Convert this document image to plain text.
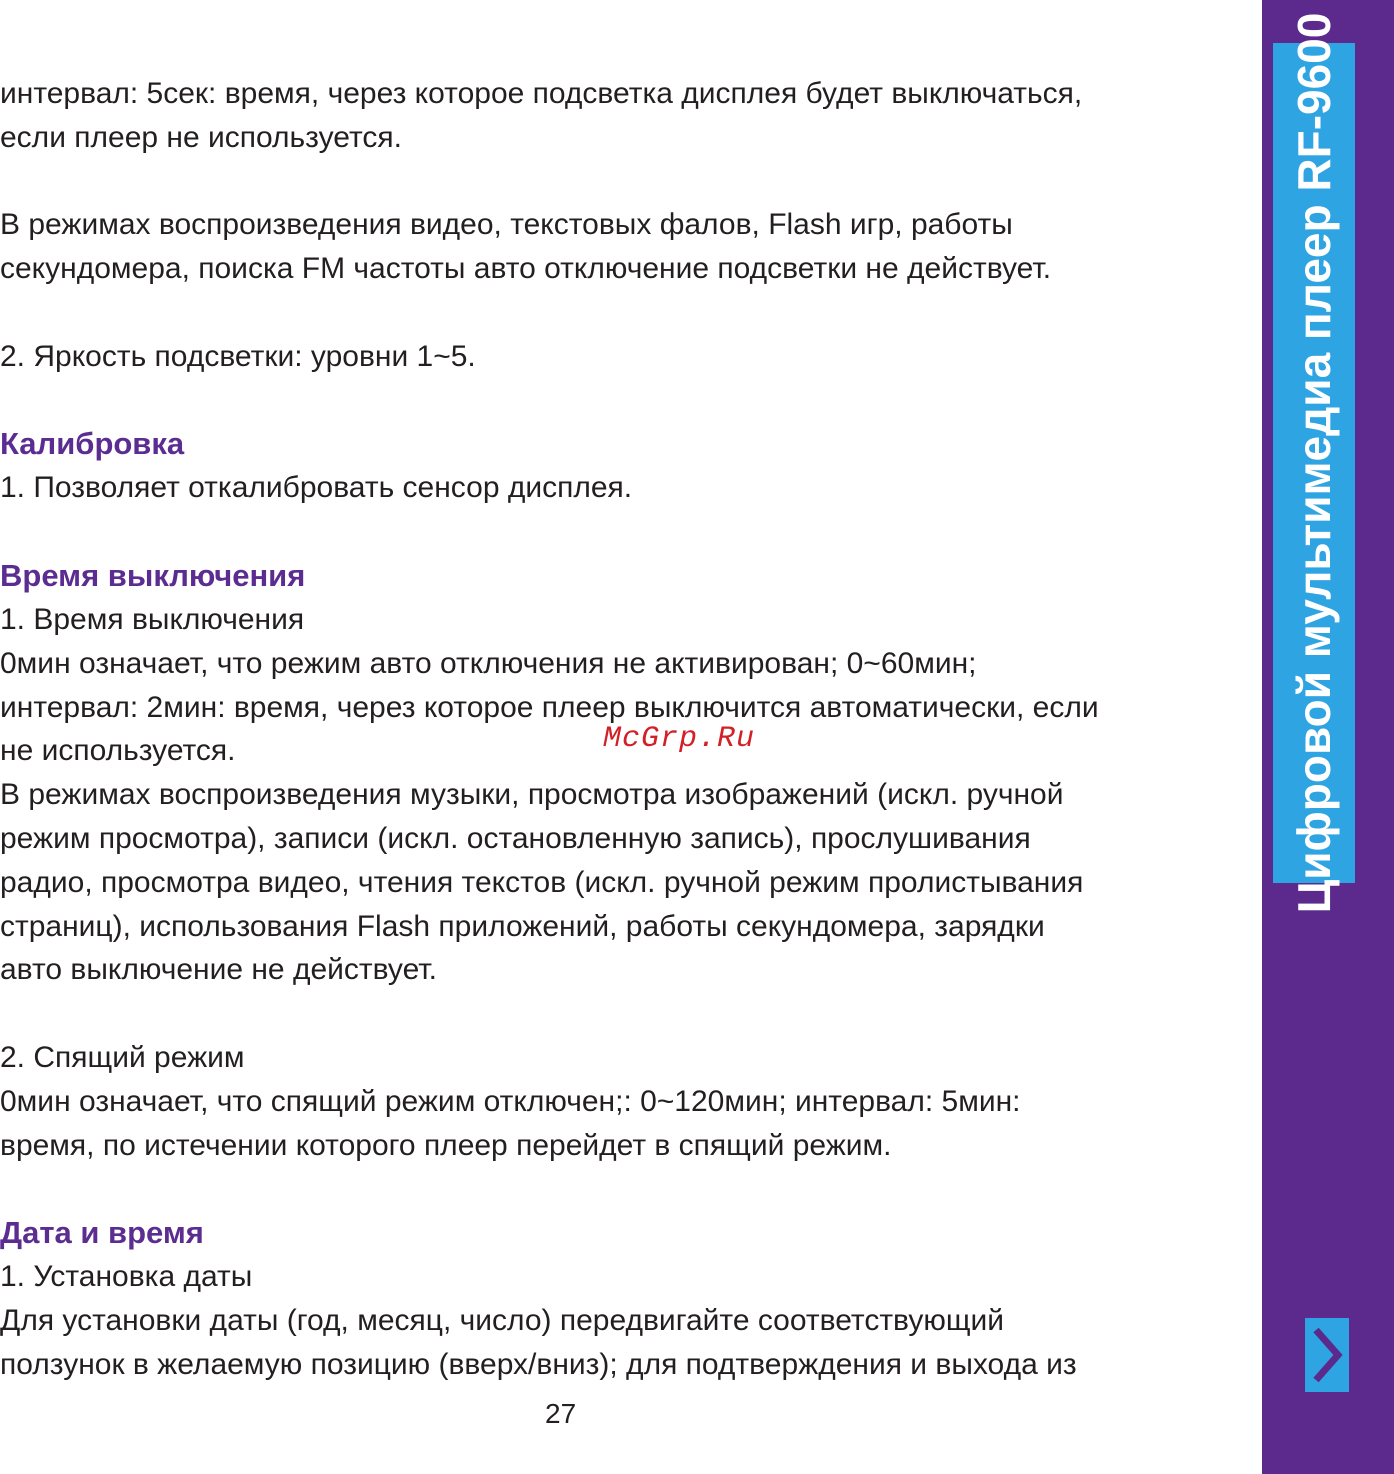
интервал: 5сек: время, через которое подсветка дисплея будет выключаться,

если плеер не используется.

В режимах воспроизведения видео, текстовых фалов, Flash игр, работы

секундомера, поиска FM частоты авто отключение подсветки не действует.

2. Яркость подсветки: уровни 1~5.

Калибровка

1. Позволяет откалибровать сенсор дисплея.

Время выключения

1. Время выключения

0мин означает, что режим авто отключения не активирован; 0~60мин;

интервал: 2мин: время, через которое плеер выключится автоматически, если

не используется.

В режимах воспроизведения музыки, просмотра изображений (искл. ручной

режим просмотра), записи (искл. остановленную запись), прослушивания

радио, просмотра видео, чтения текстов (искл. ручной режим пролистывания

страниц), использования Flash приложений, работы секундомера, зарядки

авто выключение не действует.

2. Спящий режим

0мин означает, что спящий режим отключен;: 0~120мин; интервал: 5мин:

время, по истечении которого плеер перейдет в спящий режим.

Дата и время

1. Установка даты

Для установки даты (год, месяц, число) передвигайте соответствующий

ползунок в желаемую позицию (вверх/вниз); для подтверждения и выхода из

McGrp.Ru
27
Цифровой мультимедиа плеер RF-9600
